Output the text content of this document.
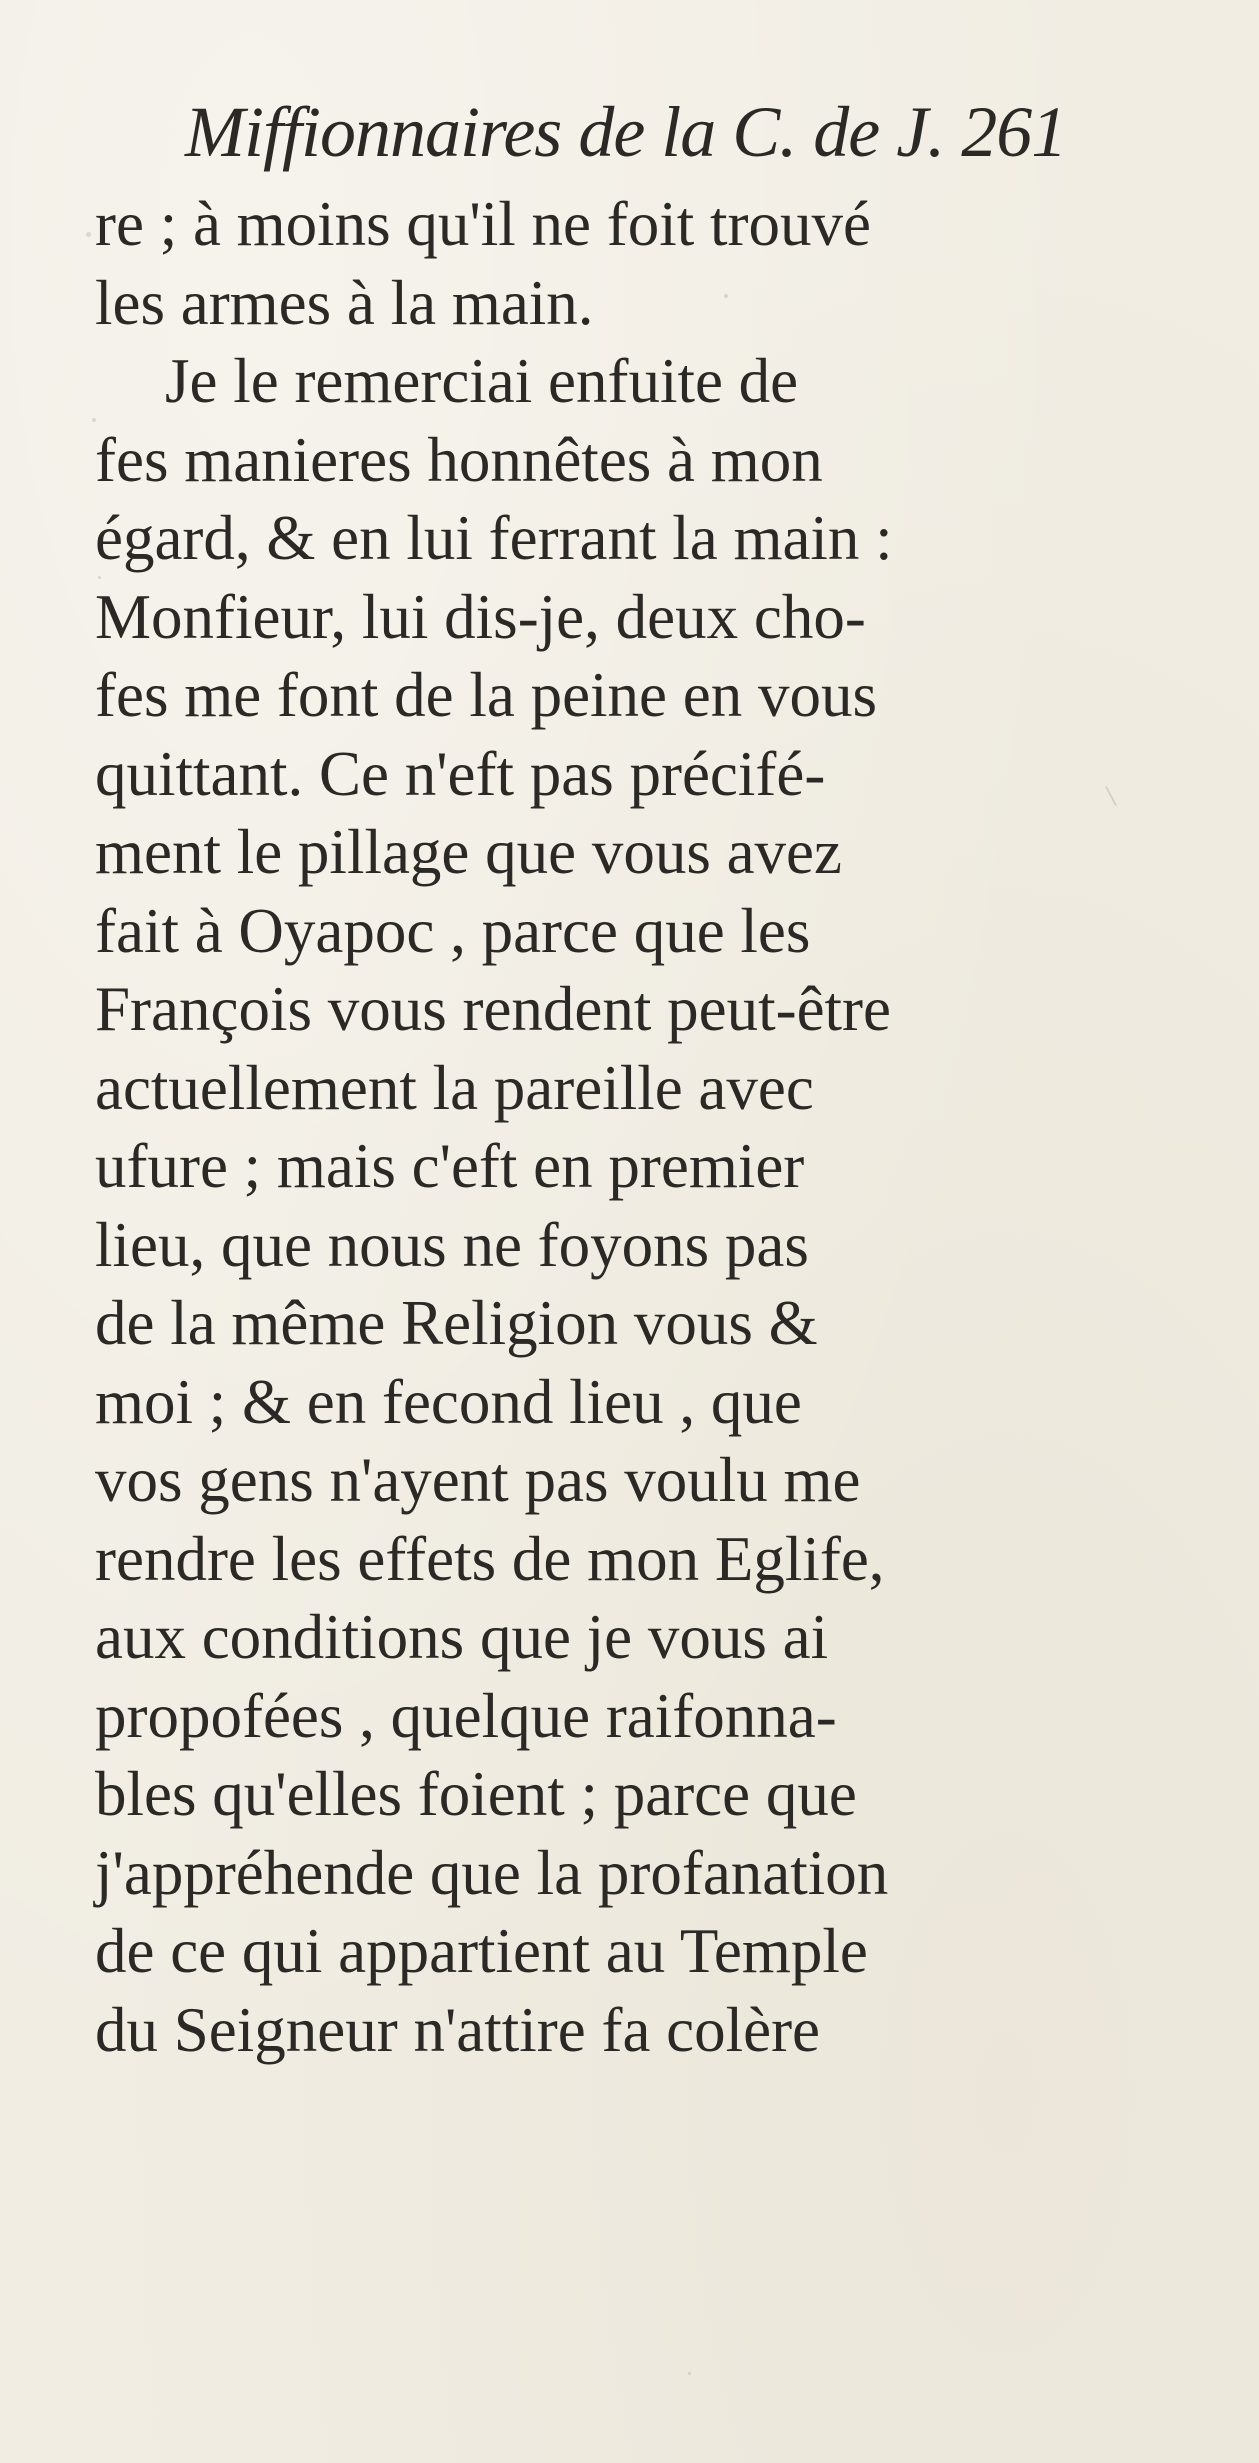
Miffionnaires de la C. de J. 261
re ; à moins qu'il ne foit trouvé
les armes à la main.
Je le remerciai enfuite de
fes manieres honnêtes à mon
égard, & en lui ferrant la main :
Monfieur, lui dis-je, deux cho-
fes me font de la peine en vous
quittant. Ce n'eft pas précifé-
ment le pillage que vous avez
fait à Oyapoc , parce que les
François vous rendent peut-être
actuellement la pareille avec
ufure ; mais c'eft en premier
lieu, que nous ne foyons pas
de la même Religion vous &
moi ; & en fecond lieu , que
vos gens n'ayent pas voulu me
rendre les effets de mon Eglife,
aux conditions que je vous ai
propofées , quelque raifonna-
bles qu'elles foient ; parce que
j'appréhende que la profanation
de ce qui appartient au Temple
du Seigneur n'attire fa colère
